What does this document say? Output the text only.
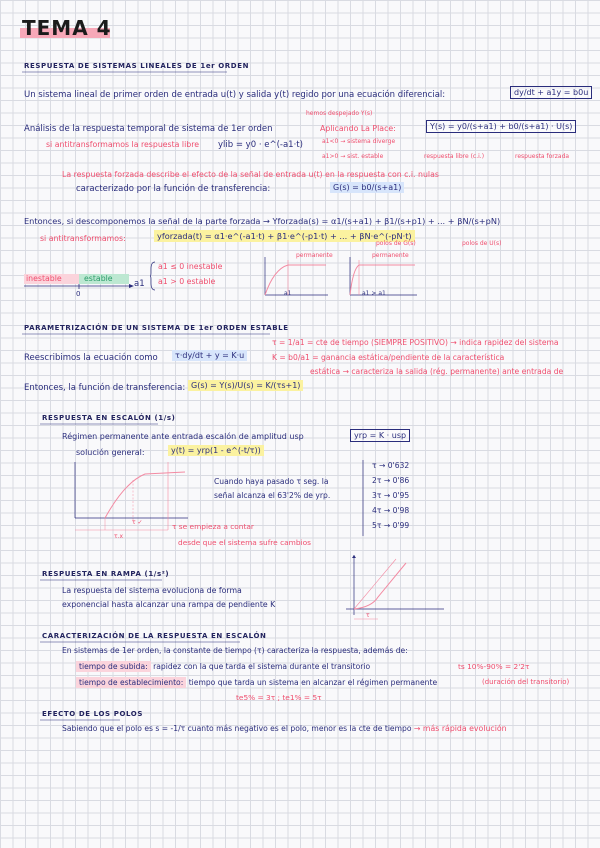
TEMA 4
RESPUESTA DE SISTEMAS LINEALES DE 1er ORDEN
Un sistema lineal de primer orden de entrada u(t) y salida y(t) regido por una ecuación diferencial:	dy/dt + a1y = b0u
hemos despejado Y(s)
Análisis de la respuesta temporal de sistema de 1er orden	Aplicando La Place:	Y(s) = y0/(s+a1) + b0/(s+a1) · U(s)
si antitransformamos la respuesta libre ylib = y0 · e^(-a1·t)	a1<0 → sistema diverge
a1>0 → sist. estable	respuesta libre (c.i.)	respuesta forzada
La respuesta forzada describe el efecto de la señal de entrada u(t) en la respuesta con c.i. nulas
caracterizado por la función de transferencia:	G(s) = b0/(s+a1)
Entonces, si descomponemos la señal de la parte forzada → Yforzada(s) = α1/(s+a1) + β1/(s+p1) + ... + βN/(s+pN)
si antitransformamos:	yforzada(t) = α1·e^(-a1·t) + β1·e^(-p1·t) + ... + βN·e^(-pN·t)
polos de G(s)	polos de U(s)
inestable	estable
0
a1
a1 ≤ 0 inestable
a1 > 0 estable
permanente
a1
permanente
a1 > a1
PARAMETRIZACIÓN DE UN SISTEMA DE 1er ORDEN ESTABLE
τ = 1/a1 = cte de tiempo (SIEMPRE POSITIVO) → indica rapidez del sistema
Reescribimos la ecuación como	τ·dy/dt + y = K·u	K = b0/a1 = ganancia estática/pendiente de la característica
estática → caracteriza la salida (rég. permanente) ante entrada de
Entonces, la función de transferencia: G(s) = Y(s)/U(s) = K/(τs+1)
RESPUESTA EN ESCALÓN (1/s)
Régimen permanente ante entrada escalón de amplitud usp	yrp = K · usp
solución general:	y(t) = yrp(1 - e^(-t/τ))
τ ✓
τ.x
Cuando haya pasado τ seg. la
señal alcanza el 63'2% de yrp.
τ → 0'632
2τ → 0'86
3τ → 0'95
4τ → 0'98
5τ → 0'99
τ se empieza a contar
desde que el sistema sufre cambios
RESPUESTA EN RAMPA (1/s²)
La respuesta del sistema evoluciona de forma
exponencial hasta alcanzar una rampa de pendiente K
τ
CARACTERIZACIÓN DE LA RESPUESTA EN ESCALÓN
En sistemas de 1er orden, la constante de tiempo (τ) caracteriza la respuesta, además de:
tiempo de subida: rapidez con la que tarda el sistema durante el transitorio	ts 10%-90% = 2'2τ
tiempo de establecimiento: tiempo que tarda un sistema en alcanzar el régimen permanente	(duración del transitorio)
te5% = 3τ ; te1% = 5τ
EFECTO DE LOS POLOS
Sabiendo que el polo es s = -1/τ cuanto más negativo es el polo, menor es la cte de tiempo → más rápida evolución
